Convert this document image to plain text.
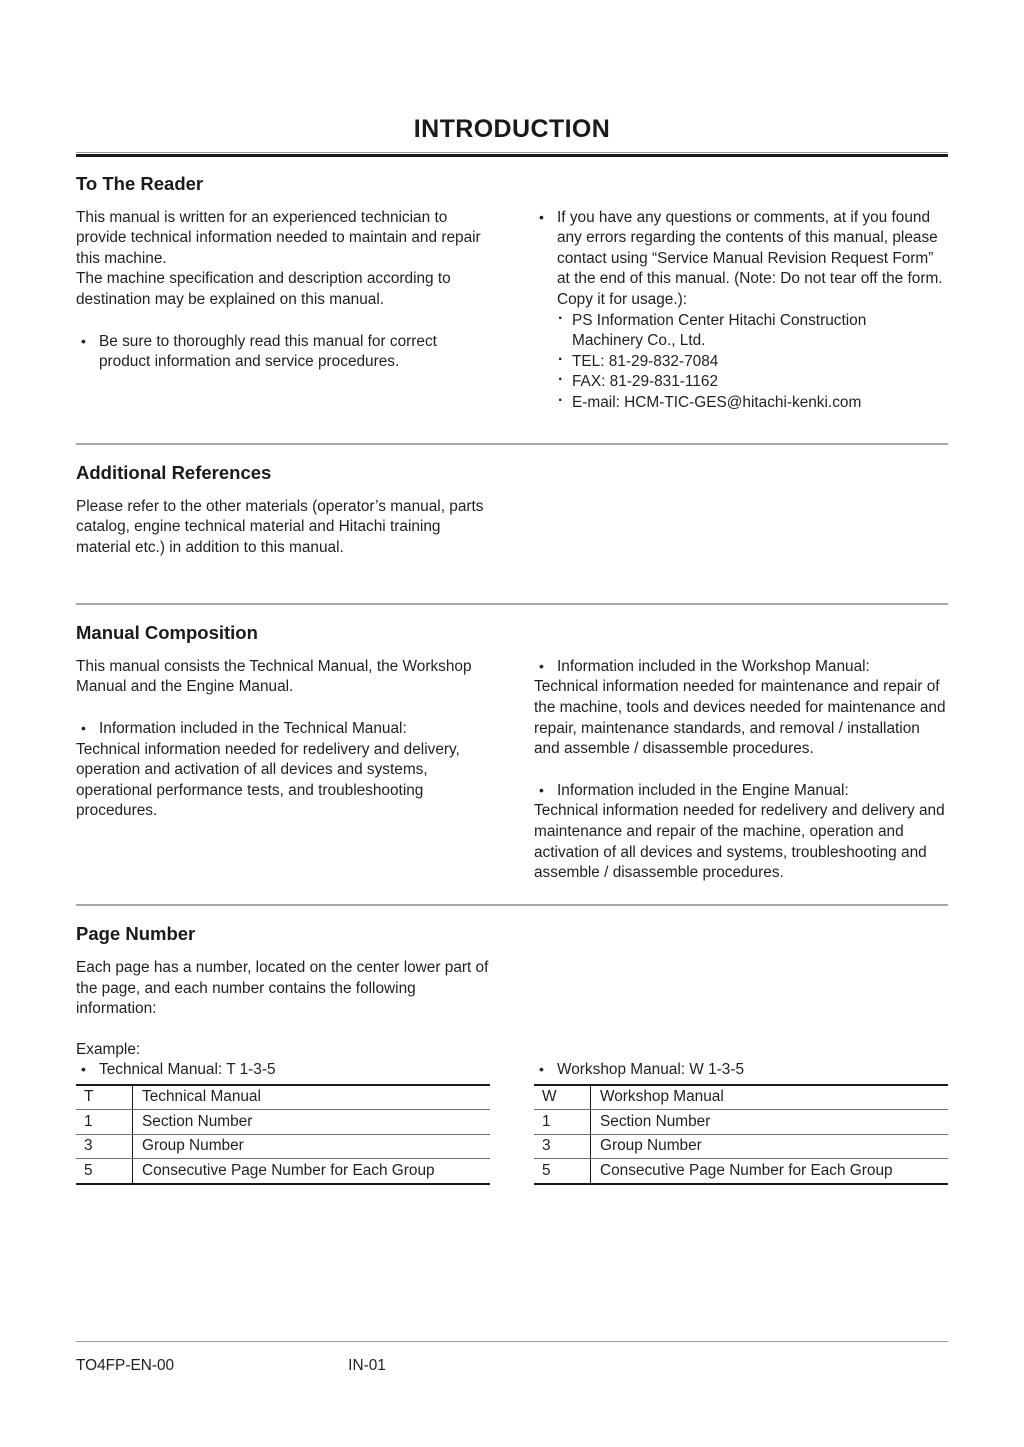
INTRODUCTION
To The Reader

This manual is written for an experienced technician to provide technical information needed to maintain and repair this machine.

The machine specification and description according to destination may be explained on this manual.

• Be sure to thoroughly read this manual for correct product information and service procedures.
• If you have any questions or comments, at if you found any errors regarding the contents of this manual, please contact using “Service Manual Revision Request Form” at the end of this manual. (Note: Do not tear off the form. Copy it for usage.):
· PS Information Center Hitachi Construction
Machinery Co., Ltd.
· TEL: 81-29-832-7084
· FAX: 81-29-831-1162
· E-mail: HCM-TIC-GES@hitachi-kenki.com
Additional References

Please refer to the other materials (operator’s manual, parts catalog, engine technical material and Hitachi training material etc.) in addition to this manual.

Manual Composition

This manual consists the Technical Manual, the Workshop Manual and the Engine Manual.

• Information included in the Technical Manual:
Technical information needed for redelivery and delivery, operation and activation of all devices and systems, operational performance tests, and troubleshooting procedures.
• Information included in the Workshop Manual:
Technical information needed for maintenance and repair of the machine, tools and devices needed for maintenance and repair, maintenance standards, and removal / installation and assemble / disassemble procedures.
• Information included in the Engine Manual:
Technical information needed for redelivery and delivery and maintenance and repair of the machine, operation and activation of all devices and systems, troubleshooting and assemble / disassemble procedures.
Page Number

Each page has a number, located on the center lower part of the page, and each number contains the following information:

Example:

• Technical Manual: T 1-3-5
T	Technical Manual
1	Section Number
3	Group Number
5	Consecutive Page Number for Each Group
• Workshop Manual: W 1-3-5
W	Workshop Manual
1	Section Number
3	Group Number
5	Consecutive Page Number for Each Group
TO4FP-EN-00	IN-01
